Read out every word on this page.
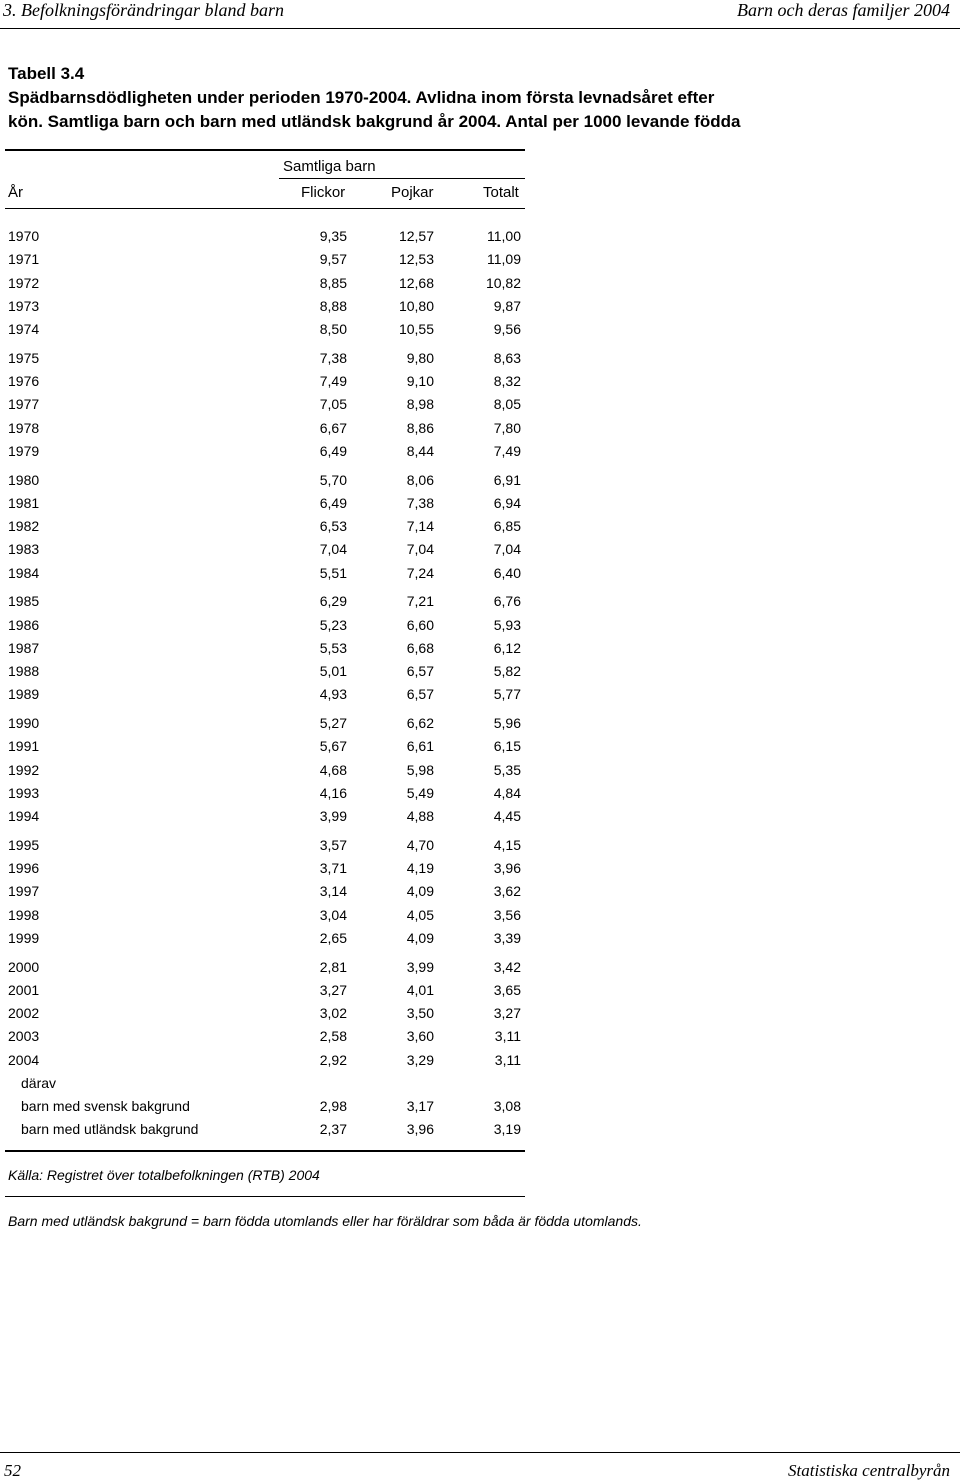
3. Befolkningsförändringar bland barn	Barn och deras familjer 2004
Tabell 3.4
Spädbarnsdödligheten under perioden 1970-2004. Avlidna inom första levnadsåret efter
kön. Samtliga barn och barn med utländsk bakgrund år 2004. Antal per 1000 levande födda
Samtliga barn
År	Flickor	Pojkar	Totalt
1970	9,35	12,57	11,00
1971	9,57	12,53	11,09
1972	8,85	12,68	10,82
1973	8,88	10,80	9,87
1974	8,50	10,55	9,56
1975	7,38	9,80	8,63
1976	7,49	9,10	8,32
1977	7,05	8,98	8,05
1978	6,67	8,86	7,80
1979	6,49	8,44	7,49
1980	5,70	8,06	6,91
1981	6,49	7,38	6,94
1982	6,53	7,14	6,85
1983	7,04	7,04	7,04
1984	5,51	7,24	6,40
1985	6,29	7,21	6,76
1986	5,23	6,60	5,93
1987	5,53	6,68	6,12
1988	5,01	6,57	5,82
1989	4,93	6,57	5,77
1990	5,27	6,62	5,96
1991	5,67	6,61	6,15
1992	4,68	5,98	5,35
1993	4,16	5,49	4,84
1994	3,99	4,88	4,45
1995	3,57	4,70	4,15
1996	3,71	4,19	3,96
1997	3,14	4,09	3,62
1998	3,04	4,05	3,56
1999	2,65	4,09	3,39
2000	2,81	3,99	3,42
2001	3,27	4,01	3,65
2002	3,02	3,50	3,27
2003	2,58	3,60	3,11
2004	2,92	3,29	3,11
därav
barn med svensk bakgrund	2,98	3,17	3,08
barn med utländsk bakgrund	2,37	3,96	3,19
Källa: Registret över totalbefolkningen (RTB) 2004
Barn med utländsk bakgrund = barn födda utomlands eller har föräldrar som båda är födda utomlands.
52	Statistiska centralbyrån
